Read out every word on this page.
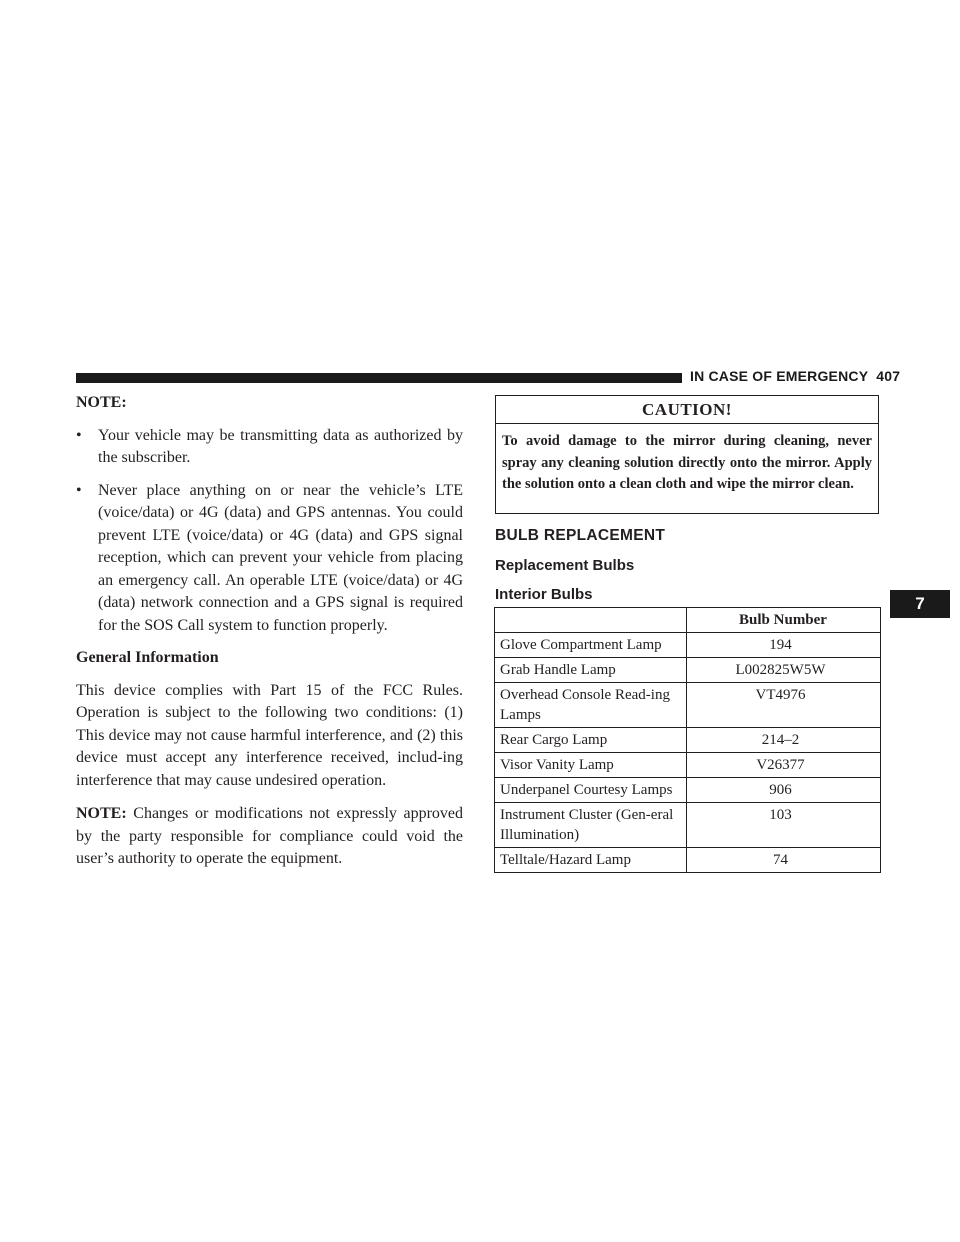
IN CASE OF EMERGENCY 407

NOTE:

• Your vehicle may be transmitting data as authorized by the subscriber.
• Never place anything on or near the vehicle’s LTE (voice/data) or 4G (data) and GPS antennas. You could prevent LTE (voice/data) or 4G (data) and GPS signal reception, which can prevent your vehicle from placing an emergency call. An operable LTE (voice/data) or 4G (data) network connection and a GPS signal is required for the SOS Call system to function properly.

General Information

This device complies with Part 15 of the FCC Rules. Operation is subject to the following two conditions: (1) This device may not cause harmful interference, and (2) this device must accept any interference received, includ-ing interference that may cause undesired operation.

NOTE: Changes or modifications not expressly approved by the party responsible for compliance could void the user’s authority to operate the equipment.

CAUTION!
To avoid damage to the mirror during cleaning, never spray any cleaning solution directly onto the mirror. Apply the solution onto a clean cloth and wipe the mirror clean.
BULB REPLACEMENT
Replacement Bulbs
Interior Bulbs
	Bulb Number
Glove Compartment Lamp	194
Grab Handle Lamp	L002825W5W
Overhead Console Read-ing Lamps	VT4976
Rear Cargo Lamp	214–2
Visor Vanity Lamp	V26377
Underpanel Courtesy Lamps	906
Instrument Cluster (Gen-eral Illumination)	103
Telltale/Hazard Lamp	74
7
